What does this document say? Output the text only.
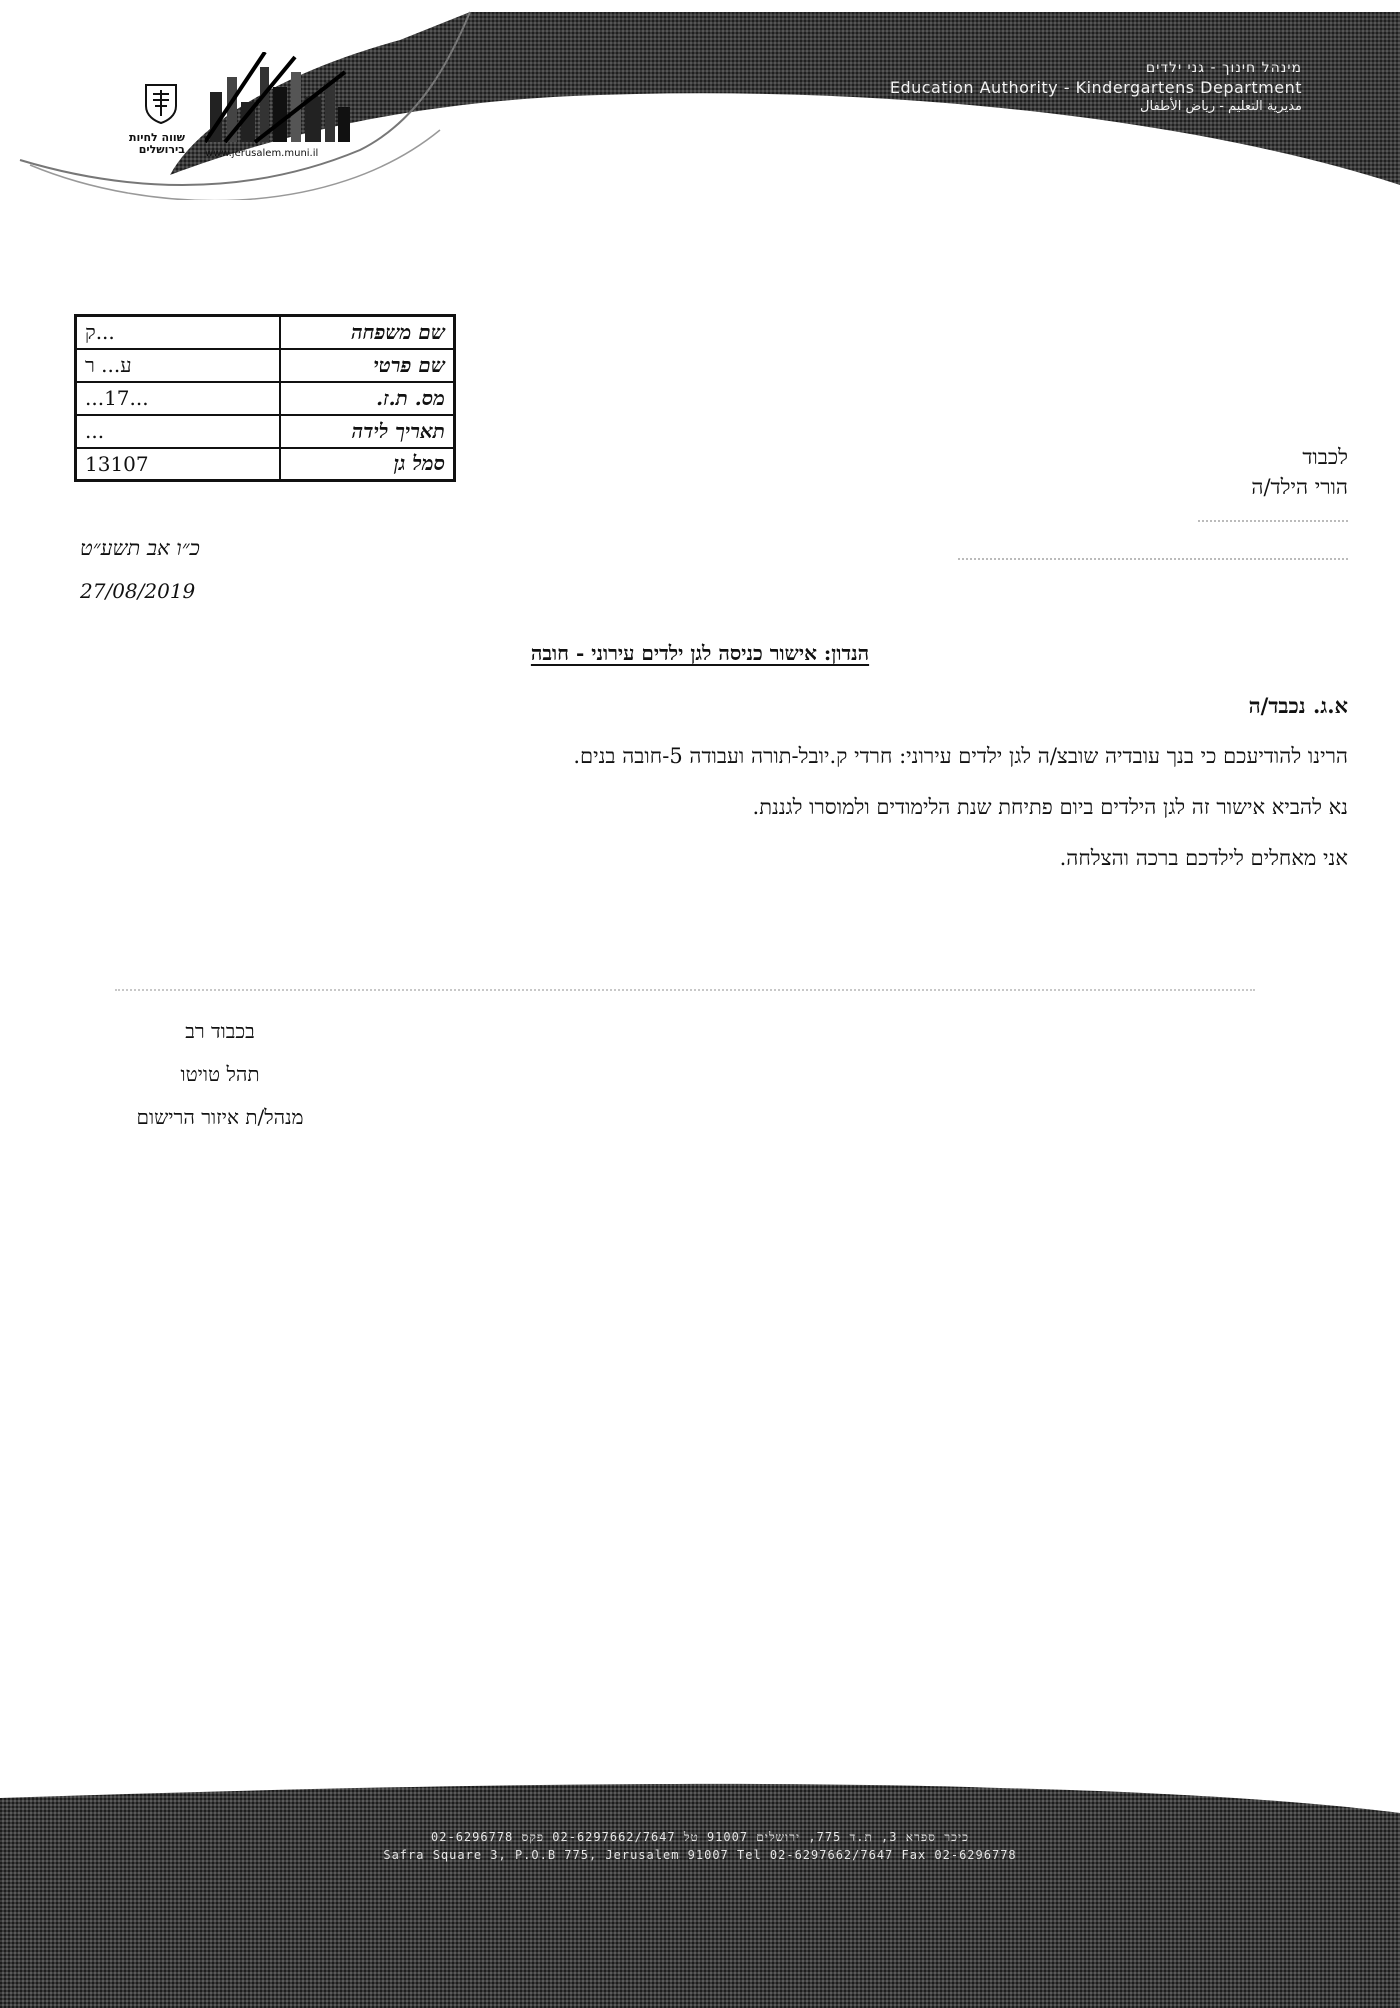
שווה לחיות
בירושלים www.jerusalem.muni.il
מינהל חינוך - גני ילדים
Education Authority - Kindergartens Department
مديرية التعليم - رياض الأطفال
שם משפחה	ק...
שם פרטי	ע... ר
מס. ת.ז.	...17...
תאריך לידה	...
סמל גן	13107
כ״ו אב תשע״ט
27/08/2019
לכבוד
הורי הילד/ה
הנדון: אישור כניסה לגן ילדים עירוני - חובה
א.ג. נכבד/ה
הרינו להודיעכם כי בנך עובדיה שובצ/ה לגן ילדים עירוני: חרדי ק.יובל-תורה ועבודה 5-חובה בנים.
נא להביא אישור זה לגן הילדים ביום פתיחת שנת הלימודים ולמוסרו לגננת.
אני מאחלים לילדכם ברכה והצלחה.
בכבוד רב
תהל טויטו
מנהל/ת איזור הרישום
כיכר ספרא 3, ת.ד 775, ירושלים 91007 טל 02-6297662/7647 פקס 02-6296778
Safra Square 3, P.O.B 775, Jerusalem 91007 Tel 02-6297662/7647 Fax 02-6296778
